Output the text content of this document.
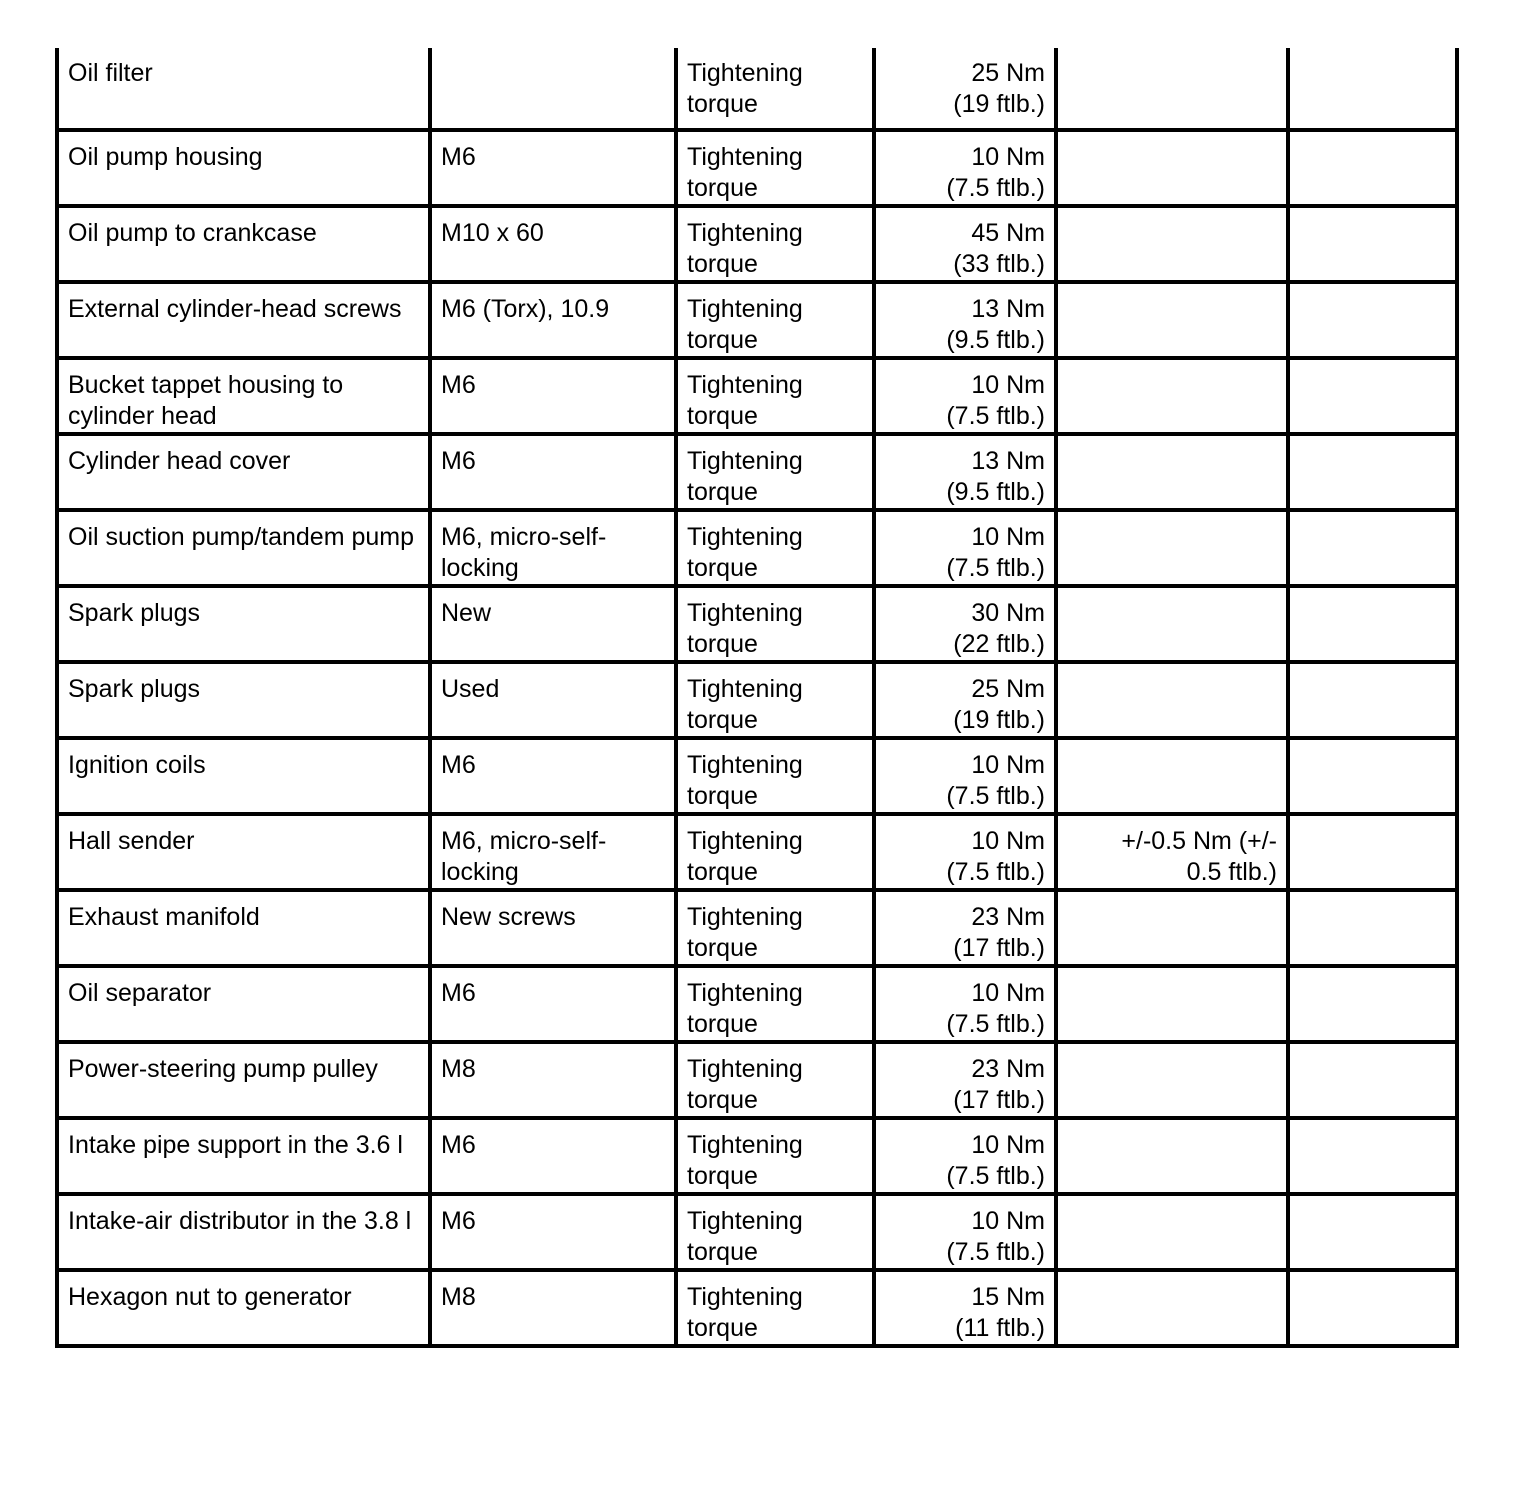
Oil filter		Tightening
torque	25 Nm
(19 ftlb.)		

Oil pump housing	M6	Tightening
torque	10 Nm
(7.5 ftlb.)		

Oil pump to crankcase	M10 x 60	Tightening
torque	45 Nm
(33 ftlb.)		

External cylinder-head screws	M6 (Torx), 10.9	Tightening
torque	13 Nm
(9.5 ftlb.)		

Bucket tappet housing to cylinder head	M6	Tightening
torque	10 Nm
(7.5 ftlb.)		

Cylinder head cover	M6	Tightening
torque	13 Nm
(9.5 ftlb.)		

Oil suction pump/tandem pump	M6, micro-self-locking	Tightening
torque	10 Nm
(7.5 ftlb.)		

Spark plugs	New	Tightening
torque	30 Nm
(22 ftlb.)		

Spark plugs	Used	Tightening
torque	25 Nm
(19 ftlb.)		

Ignition coils	M6	Tightening
torque	10 Nm
(7.5 ftlb.)		

Hall sender	M6, micro-self-locking	Tightening
torque	10 Nm
(7.5 ftlb.)	+/-0.5 Nm (+/-
0.5 ftlb.)	

Exhaust manifold	New screws	Tightening
torque	23 Nm
(17 ftlb.)		

Oil separator	M6	Tightening
torque	10 Nm
(7.5 ftlb.)		

Power-steering pump pulley	M8	Tightening
torque	23 Nm
(17 ftlb.)		

Intake pipe support in the 3.6 l	M6	Tightening
torque	10 Nm
(7.5 ftlb.)		

Intake-air distributor in the 3.8 l	M6	Tightening
torque	10 Nm
(7.5 ftlb.)		

Hexagon nut to generator	M8	Tightening
torque	15 Nm
(11 ftlb.)		
